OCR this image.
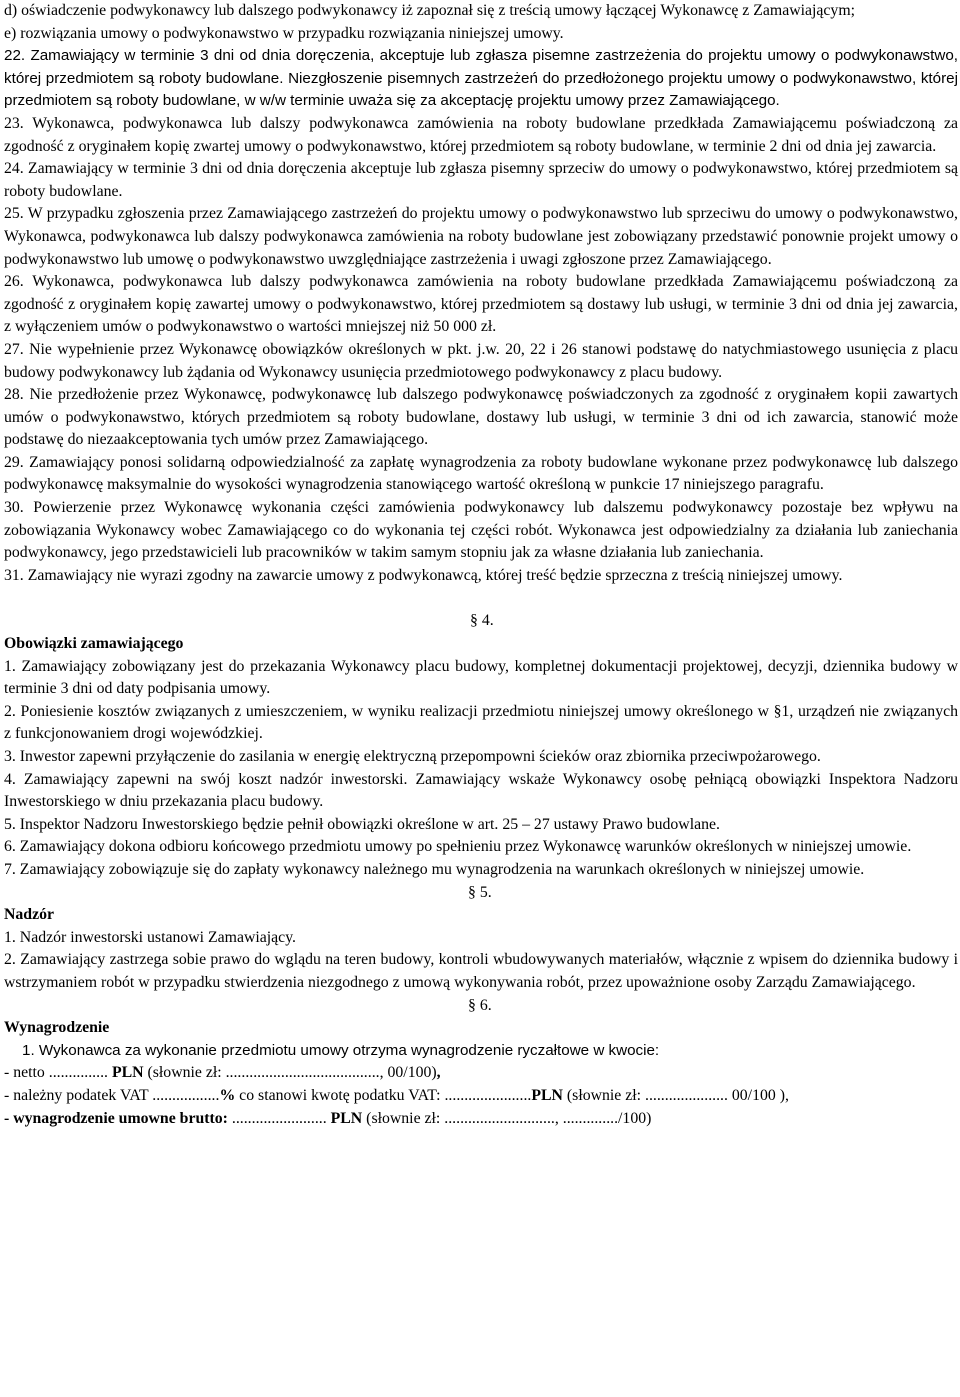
d) oświadczenie podwykonawcy lub dalszego podwykonawcy iż zapoznał się z treścią umowy łączącej Wykonawcę z Zamawiającym;

e) rozwiązania umowy o podwykonawstwo w przypadku rozwiązania niniejszej umowy.

22. Zamawiający w terminie 3 dni od dnia doręczenia, akceptuje lub zgłasza pisemne zastrzeżenia do projektu umowy o podwykonawstwo, której przedmiotem są roboty budowlane. Niezgłoszenie pisemnych zastrzeżeń do przedłożonego projektu umowy o podwykonawstwo, której przedmiotem są roboty budowlane, w w/w terminie uważa się za akceptację projektu umowy przez Zamawiającego.

23. Wykonawca, podwykonawca lub dalszy podwykonawca zamówienia na roboty budowlane przedkłada Zamawiającemu poświadczoną za zgodność z oryginałem kopię zwartej umowy o podwykonawstwo, której przedmiotem są roboty budowlane, w terminie 2 dni od dnia jej zawarcia.

24. Zamawiający w terminie 3 dni od dnia doręczenia akceptuje lub zgłasza pisemny sprzeciw do umowy o podwykonawstwo, której przedmiotem są roboty budowlane.

25. W przypadku zgłoszenia przez Zamawiającego zastrzeżeń do projektu umowy o podwykonawstwo lub sprzeciwu do umowy o podwykonawstwo, Wykonawca, podwykonawca lub dalszy podwykonawca zamówienia na roboty budowlane jest zobowiązany przedstawić ponownie projekt umowy o podwykonawstwo lub umowę o podwykonawstwo uwzględniające zastrzeżenia i uwagi zgłoszone przez Zamawiającego.

26. Wykonawca, podwykonawca lub dalszy podwykonawca zamówienia na roboty budowlane przedkłada Zamawiającemu poświadczoną za zgodność z oryginałem kopię zawartej umowy o podwykonawstwo, której przedmiotem są dostawy lub usługi, w terminie 3 dni od dnia jej zawarcia, z wyłączeniem umów o podwykonawstwo o wartości mniejszej niż 50 000 zł.

27. Nie wypełnienie przez Wykonawcę obowiązków określonych w pkt. j.w. 20, 22 i 26 stanowi podstawę do natychmiastowego usunięcia z placu budowy podwykonawcy lub żądania od Wykonawcy usunięcia przedmiotowego podwykonawcy z placu budowy.

28. Nie przedłożenie przez Wykonawcę, podwykonawcę lub dalszego podwykonawcę poświadczonych za zgodność z oryginałem kopii zawartych umów o podwykonawstwo, których przedmiotem są roboty budowlane, dostawy lub usługi, w terminie 3 dni od ich zawarcia, stanowić może podstawę do niezaakceptowania tych umów przez Zamawiającego.

29. Zamawiający ponosi solidarną odpowiedzialność za zapłatę wynagrodzenia za roboty budowlane wykonane przez podwykonawcę lub dalszego podwykonawcę maksymalnie do wysokości wynagrodzenia stanowiącego wartość określoną w punkcie 17 niniejszego paragrafu.

30. Powierzenie przez Wykonawcę wykonania części zamówienia podwykonawcy lub dalszemu podwykonawcy pozostaje bez wpływu na zobowiązania Wykonawcy wobec Zamawiającego co do wykonania tej części robót. Wykonawca jest odpowiedzialny za działania lub zaniechania podwykonawcy, jego przedstawicieli lub pracowników w takim samym stopniu jak za własne działania lub zaniechania.

31. Zamawiający nie wyrazi zgodny na zawarcie umowy z podwykonawcą, której treść będzie sprzeczna z treścią niniejszej umowy.

§ 4.

Obowiązki zamawiającego

1. Zamawiający zobowiązany jest do przekazania Wykonawcy placu budowy, kompletnej dokumentacji projektowej, decyzji, dziennika budowy w terminie 3 dni od daty podpisania umowy.

2. Poniesienie kosztów związanych z umieszczeniem, w wyniku realizacji przedmiotu niniejszej umowy określonego w §1, urządzeń nie związanych z funkcjonowaniem drogi wojewódzkiej.

3. Inwestor zapewni przyłączenie do zasilania w energię elektryczną przepompowni ścieków oraz zbiornika przeciwpożarowego.

4. Zamawiający zapewni na swój koszt nadzór inwestorski. Zamawiający wskaże Wykonawcy osobę pełniącą obowiązki Inspektora Nadzoru Inwestorskiego w dniu przekazania placu budowy.

5. Inspektor Nadzoru Inwestorskiego będzie pełnił obowiązki określone w art. 25 – 27 ustawy Prawo budowlane.

6. Zamawiający dokona odbioru końcowego przedmiotu umowy po spełnieniu przez Wykonawcę warunków określonych w niniejszej umowie.

7. Zamawiający zobowiązuje się do zapłaty wykonawcy należnego mu wynagrodzenia na warunkach określonych w niniejszej umowie.

§ 5.

Nadzór

1. Nadzór inwestorski ustanowi Zamawiający.

2. Zamawiający zastrzega sobie prawo do wglądu na teren budowy, kontroli wbudowywanych materiałów, włącznie z wpisem do dziennika budowy i wstrzymaniem robót w przypadku stwierdzenia niezgodnego z umową wykonywania robót, przez upoważnione osoby Zarządu Zamawiającego.

§ 6.

Wynagrodzenie

1. Wykonawca za wykonanie przedmiotu umowy otrzyma wynagrodzenie ryczałtowe w kwocie:

- netto ............... PLN (słownie zł: ......................................., 00/100),

- należny podatek VAT .................% co stanowi kwotę podatku VAT: ......................PLN (słownie zł: ..................... 00/100 ),

- wynagrodzenie umowne brutto: ........................ PLN (słownie zł: ............................, ............../100)
